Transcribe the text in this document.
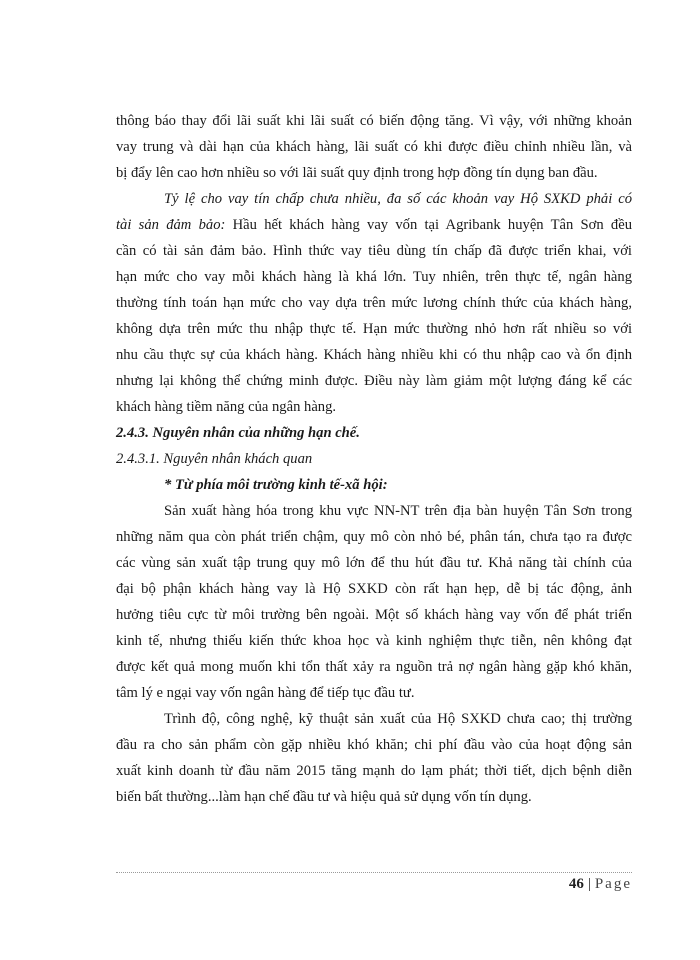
thông báo thay đổi lãi suất khi lãi suất có biến động tăng. Vì vậy, với những khoản
vay trung và dài hạn của khách hàng, lãi suất có khi được điều chỉnh nhiều lần, và
bị đẩy lên cao hơn nhiều so với lãi suất quy định trong hợp đồng tín dụng ban đầu.
Tỷ lệ cho vay tín chấp chưa nhiều, đa số các khoản vay Hộ SXKD phải có
tài sản đảm bảo: Hầu hết khách hàng vay vốn tại Agribank huyện Tân Sơn đều
cần có tài sản đảm bảo. Hình thức vay tiêu dùng tín chấp đã được triển khai, với
hạn mức cho vay mỗi khách hàng là khá lớn. Tuy nhiên, trên thực tế, ngân hàng
thường tính toán hạn mức cho vay dựa trên mức lương chính thức của khách hàng,
không dựa trên mức thu nhập thực tế. Hạn mức thường nhỏ hơn rất nhiều so với
nhu cầu thực sự của khách hàng. Khách hàng nhiều khi có thu nhập cao và ổn định
nhưng lại không thể chứng minh được. Điều này làm giảm một lượng đáng kể các
khách hàng tiềm năng của ngân hàng.
2.4.3. Nguyên nhân của những hạn chế.
2.4.3.1. Nguyên nhân khách quan
* Từ phía môi trường kinh tế-xã hội:
Sản xuất hàng hóa trong khu vực NN-NT trên địa bàn huyện Tân Sơn trong
những năm qua còn phát triển chậm, quy mô còn nhỏ bé, phân tán, chưa tạo ra được
các vùng sản xuất tập trung quy mô lớn để thu hút đầu tư. Khả năng tài chính của
đại bộ phận khách hàng vay là Hộ SXKD còn rất hạn hẹp, dễ bị tác động, ảnh
hưởng tiêu cực từ môi trường bên ngoài. Một số khách hàng vay vốn để phát triển
kinh tế, nhưng thiếu kiến thức khoa học và kinh nghiệm thực tiễn, nên không đạt
được kết quả mong muốn khi tổn thất xảy ra nguồn trả nợ ngân hàng gặp khó khăn,
tâm lý e ngại vay vốn ngân hàng để tiếp tục đầu tư.
Trình độ, công nghệ, kỹ thuật sản xuất của Hộ SXKD chưa cao; thị trường
đầu ra cho sản phẩm còn gặp nhiều khó khăn; chi phí đầu vào của hoạt động sản
xuất kinh doanh từ đầu năm 2015 tăng mạnh do lạm phát; thời tiết, dịch bệnh diễn
biến bất thường...làm hạn chế đầu tư và hiệu quả sử dụng vốn tín dụng.
46 | Page
